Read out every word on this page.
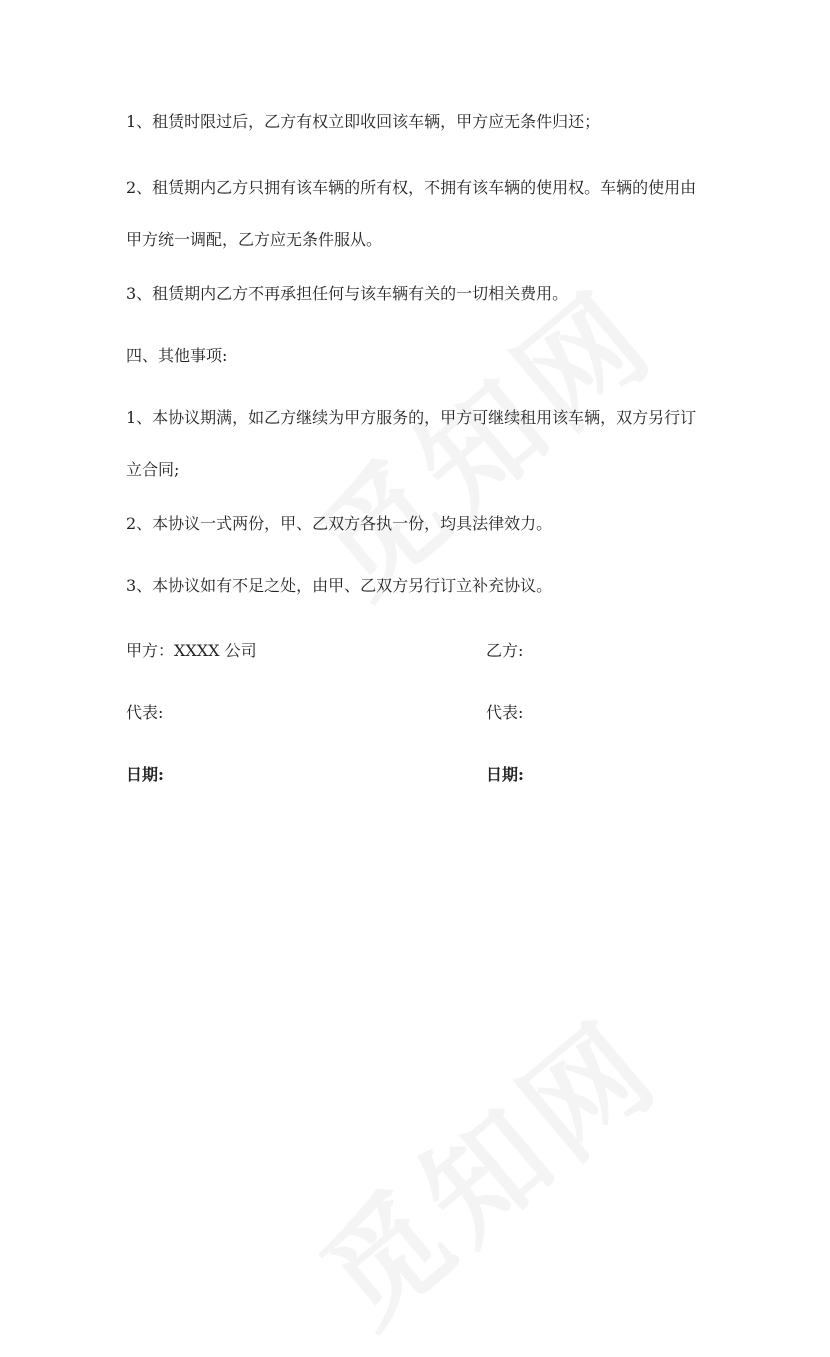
1、租赁时限过后，乙方有权立即收回该车辆，甲方应无条件归还；

2、租赁期内乙方只拥有该车辆的所有权，不拥有该车辆的使用权。车辆的使用由甲方统一调配，乙方应无条件服从。

3、租赁期内乙方不再承担任何与该车辆有关的一切相关费用。

四、其他事项:

1、本协议期满，如乙方继续为甲方服务的，甲方可继续租用该车辆，双方另行订立合同;

2、本协议一式两份，甲、乙双方各执一份，均具法律效力。

3、本协议如有不足之处，由甲、乙双方另行订立补充协议。

甲方：XXXX 公司	乙方:
代表:	代表:
日期:	日期:
